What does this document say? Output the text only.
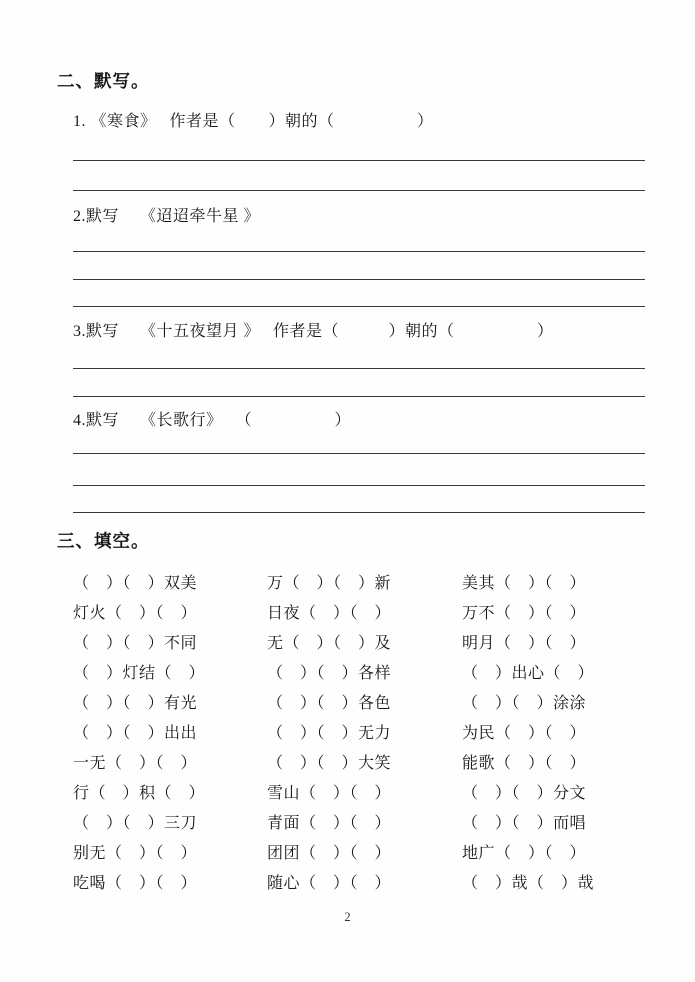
二、默写。
1. 《寒食》　 作者是（　　）朝的（　　　　　）
2.默写　 《迢迢牵牛星 》
3.默写　 《十五夜望月 》　 作者是（　　　）朝的（　　　　　）
4.默写　 《长歌行》　 （　　　　　）
三、填空。
（　）（　）双美	万（　）（　）新	美其（　）（　）
灯火（　）（　）	日夜（　）（　）	万不（　）（　）
（　）（　）不同	无（　）（　）及	明月（　）（　）
（　）灯结（　）	（　）（　）各样	（　）出心（　）
（　）（　）有光	（　）（　）各色	（　）（　）涂涂
（　）（　）出出	（　）（　）无力	为民（　）（　）
一无（　）（　）	（　）（　）大笑	能歌（　）（　）
行（　）积（　）	雪山（　）（　）	（　）（　）分文
（　）（　）三刀	青面（　）（　）	（　）（　）而唱
别无（　）（　）	团团（　）（　）	地广（　）（　）
吃喝（　）（　）	随心（　）（　）	（　）哉（　）哉
2
